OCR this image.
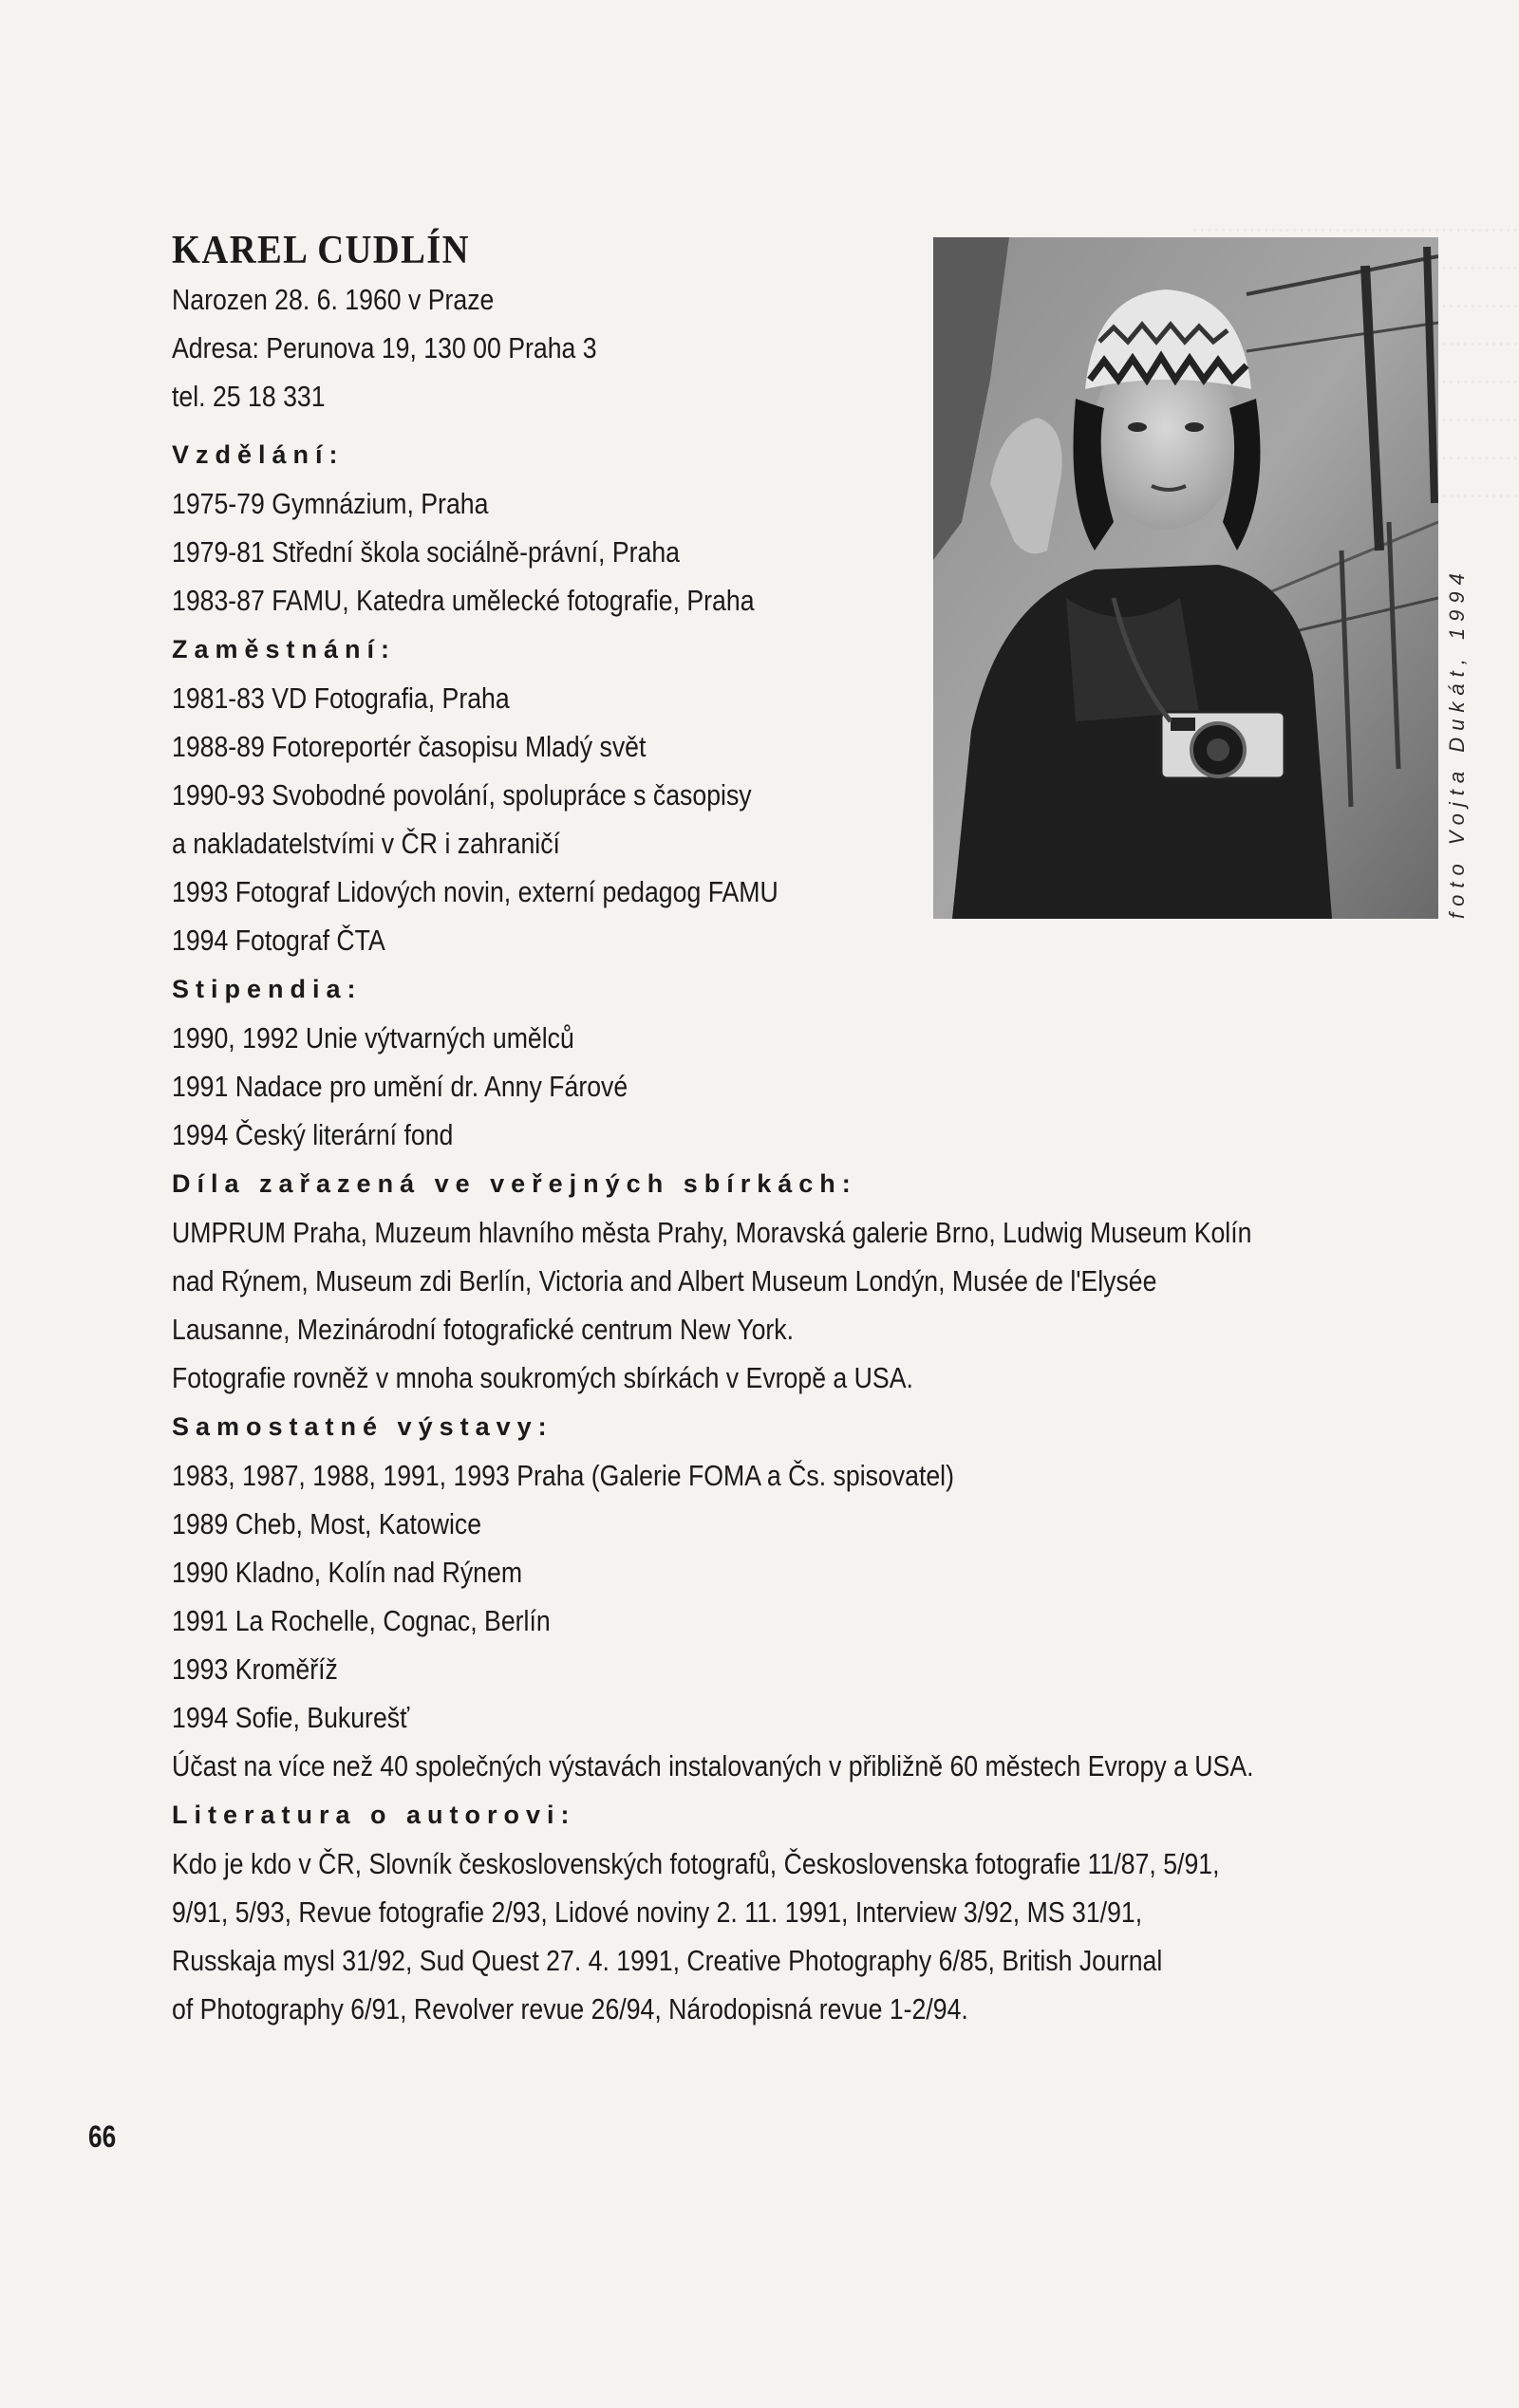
KAREL CUDLÍN
Narozen 28. 6. 1960 v Praze
Adresa: Perunova 19, 130 00 Praha 3
tel. 25 18 331
Vzdělání:
1975-79 Gymnázium, Praha
1979-81 Střední škola sociálně-právní, Praha
1983-87 FAMU, Katedra umělecké fotografie, Praha
Zaměstnání:
1981-83 VD Fotografia, Praha
1988-89 Fotoreportér časopisu Mladý svět
1990-93 Svobodné povolání, spolupráce s časopisy
a nakladatelstvími v ČR i zahraničí
1993 Fotograf Lidových novin, externí pedagog FAMU
1994 Fotograf ČTA
Stipendia:
1990, 1992 Unie výtvarných umělců
1991 Nadace pro umění dr. Anny Fárové
1994 Český literární fond
Díla zařazená ve veřejných sbírkách:
UMPRUM Praha, Muzeum hlavního města Prahy, Moravská galerie Brno, Ludwig Museum Kolín
nad Rýnem, Museum zdi Berlín, Victoria and Albert Museum Londýn, Musée de l'Elysée
Lausanne, Mezinárodní fotografické centrum New York.
Fotografie rovněž v mnoha soukromých sbírkách v Evropě a USA.
Samostatné výstavy:
1983, 1987, 1988, 1991, 1993 Praha (Galerie FOMA a Čs. spisovatel)
1989 Cheb, Most, Katowice
1990 Kladno, Kolín nad Rýnem
1991 La Rochelle, Cognac, Berlín
1993 Kroměříž
1994 Sofie, Bukurešť
Účast na více než 40 společných výstavách instalovaných v přibližně 60 městech Evropy a USA.
Literatura o autorovi:
Kdo je kdo v ČR, Slovník československých fotografů, Československa fotografie 11/87, 5/91,
9/91, 5/93, Revue fotografie 2/93, Lidové noviny 2. 11. 1991, Interview 3/92, MS 31/91,
Russkaja mysl 31/92, Sud Quest 27. 4. 1991, Creative Photography 6/85, British Journal
of Photography 6/91, Revolver revue 26/94, Národopisná revue 1-2/94.
foto Vojta Dukát, 1994
66
